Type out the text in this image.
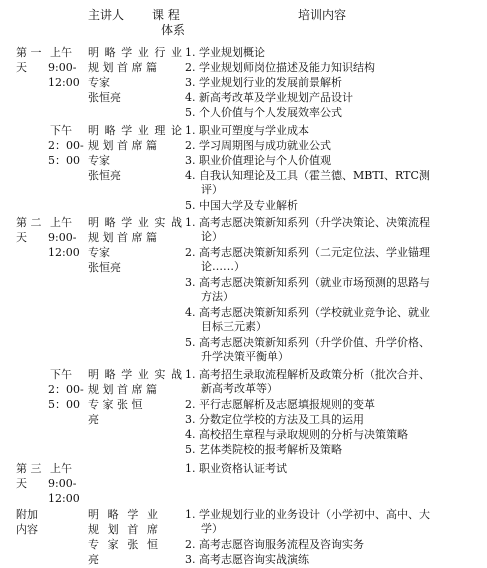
主讲人 课 程
体系
培训内容
第 一
天
上午
9:00-
12:00
明 略 学 业 行 业
规 划 首 席 篇
专家
张恒亮
1. 学业规划概论
2. 学业规划师岗位描述及能力知识结构
3. 学业规划行业的发展前景解析
4. 新高考改革及学业规划产品设计
5. 个人价值与个人发展效率公式
下午
2：00-
5：00
明 略 学 业 理 论
规 划 首 席 篇
专家
张恒亮
1. 职业可塑度与学业成本
2. 学习周期图与成功就业公式
3. 职业价值理论与个人价值观
4. 自我认知理论及工具（霍兰德、MBTI、RTC测
评）
5. 中国大学及专业解析
第 二
天
上午
9:00-
12:00
明 略 学 业 实 战
规 划 首 席 篇
专家
张恒亮
1. 高考志愿决策新知系列（升学决策论、决策流程
论）
2. 高考志愿决策新知系列（二元定位法、学业锚理
论……）
3. 高考志愿决策新知系列（就业市场预测的思路与
方法）
4. 高考志愿决策新知系列（学校就业竞争论、就业
目标三元素）
5. 高考志愿决策新知系列（升学价值、升学价格、
升学决策平衡单）
下午
2：00-
5：00
明 略 学 业 实 战
规 划 首 席 篇
专 家 张 恒
亮
1. 高考招生录取流程解析及政策分析（批次合并、
新高考改革等）
2. 平行志愿解析及志愿填报规则的变革
3. 分数定位学校的方法及工具的运用
4. 高校招生章程与录取规则的分析与决策策略
5. 艺体类院校的报考解析及策略
第 三
天
上午
9:00-
12:00
1. 职业资格认证考试
附加
内容
明 略 学 业
规 划 首 席
专 家 张 恒
亮
1. 学业规划行业的业务设计（小学初中、高中、大
学）
2. 高考志愿咨询服务流程及咨询实务
3. 高考志愿咨询实战演练
